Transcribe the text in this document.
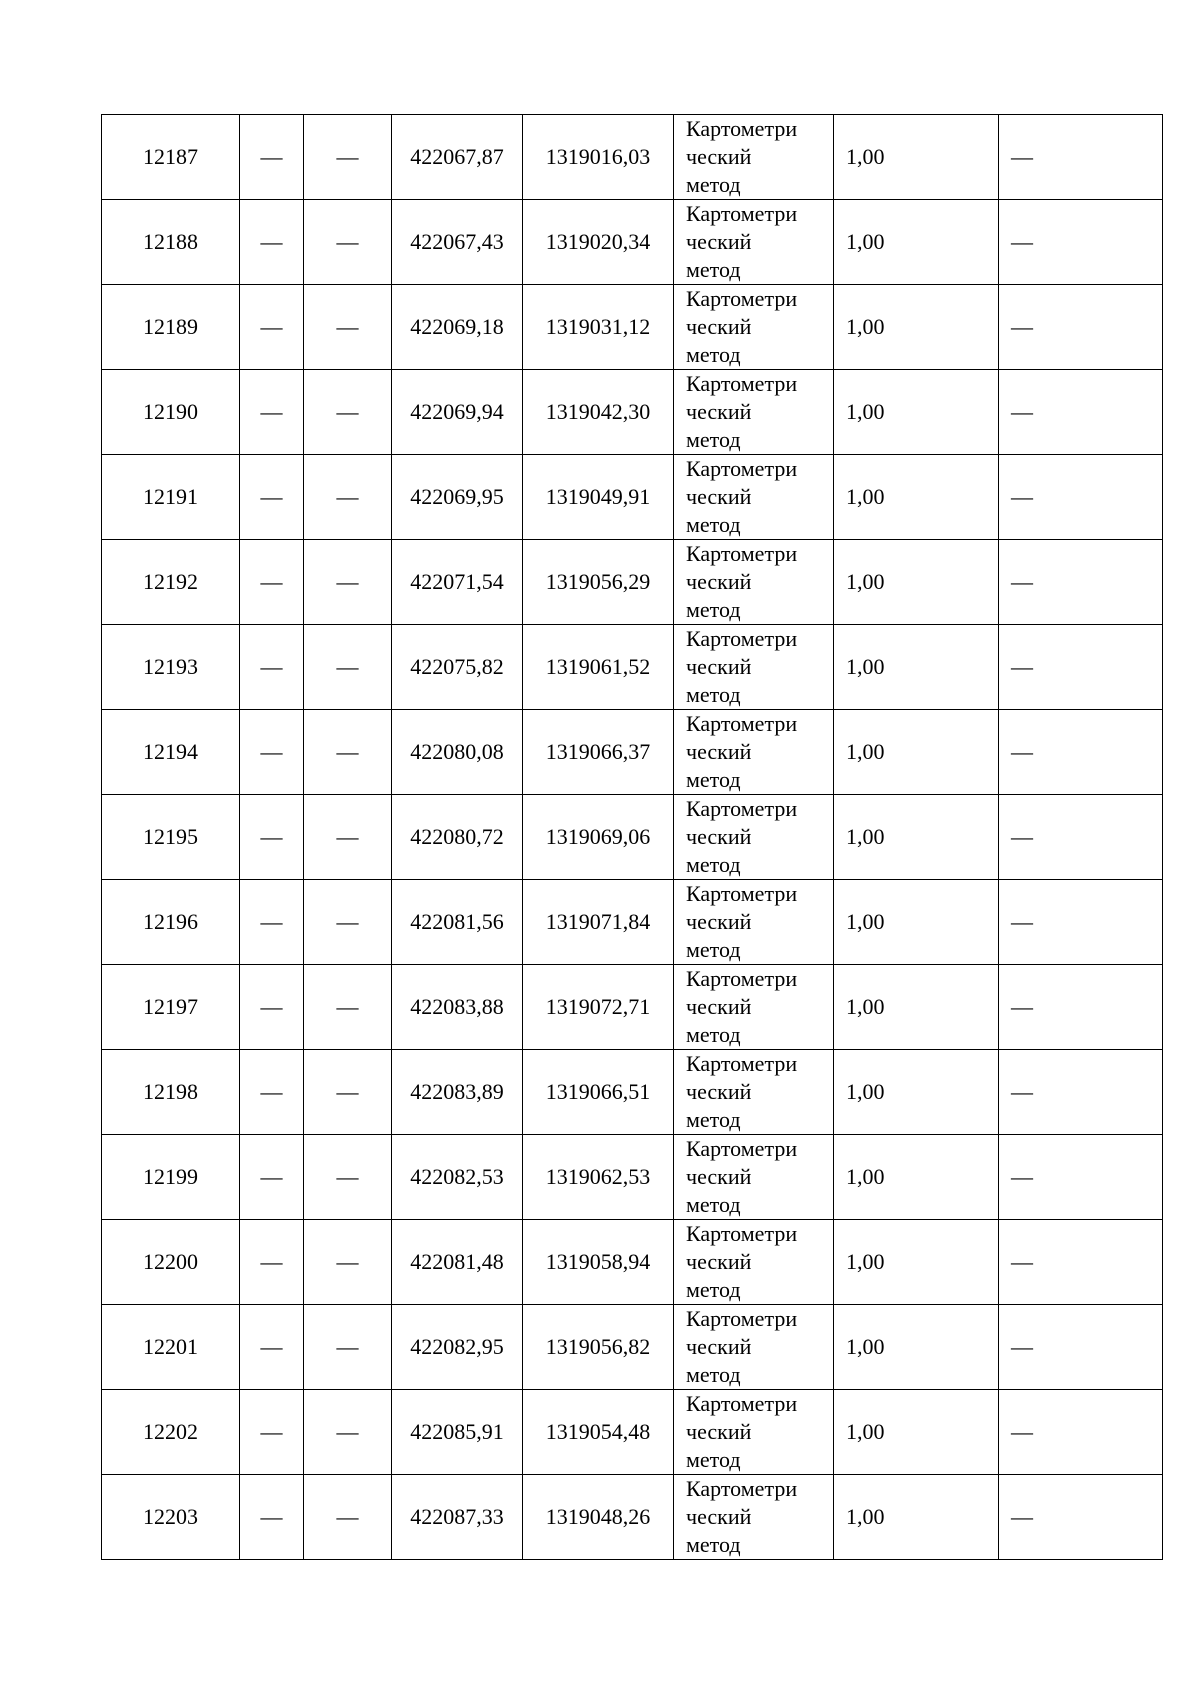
12187	—	—	422067,87	1319016,03	Картометри
ческий
метод	1,00	—
12188	—	—	422067,43	1319020,34	Картометри
ческий
метод	1,00	—
12189	—	—	422069,18	1319031,12	Картометри
ческий
метод	1,00	—
12190	—	—	422069,94	1319042,30	Картометри
ческий
метод	1,00	—
12191	—	—	422069,95	1319049,91	Картометри
ческий
метод	1,00	—
12192	—	—	422071,54	1319056,29	Картометри
ческий
метод	1,00	—
12193	—	—	422075,82	1319061,52	Картометри
ческий
метод	1,00	—
12194	—	—	422080,08	1319066,37	Картометри
ческий
метод	1,00	—
12195	—	—	422080,72	1319069,06	Картометри
ческий
метод	1,00	—
12196	—	—	422081,56	1319071,84	Картометри
ческий
метод	1,00	—
12197	—	—	422083,88	1319072,71	Картометри
ческий
метод	1,00	—
12198	—	—	422083,89	1319066,51	Картометри
ческий
метод	1,00	—
12199	—	—	422082,53	1319062,53	Картометри
ческий
метод	1,00	—
12200	—	—	422081,48	1319058,94	Картометри
ческий
метод	1,00	—
12201	—	—	422082,95	1319056,82	Картометри
ческий
метод	1,00	—
12202	—	—	422085,91	1319054,48	Картометри
ческий
метод	1,00	—
12203	—	—	422087,33	1319048,26	Картометри
ческий
метод	1,00	—
